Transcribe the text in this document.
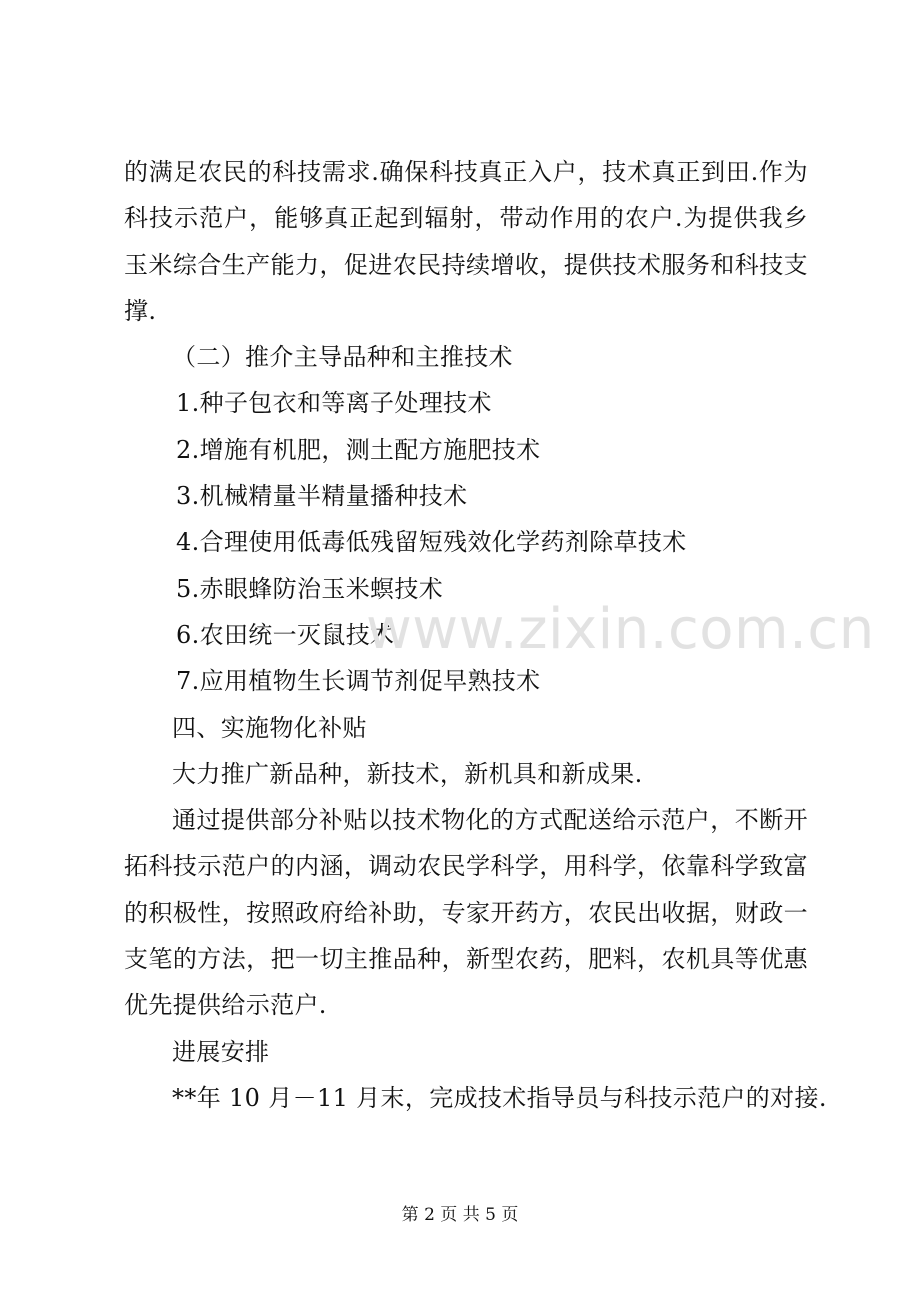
的满足农民的科技需求.确保科技真正入户，技术真正到田.作为
科技示范户，能够真正起到辐射，带动作用的农户.为提供我乡
玉米综合生产能力，促进农民持续增收，提供技术服务和科技支
撑.
（二）推介主导品种和主推技术
1.种子包衣和等离子处理技术
2.增施有机肥，测土配方施肥技术
3.机械精量半精量播种技术
4.合理使用低毒低残留短残效化学药剂除草技术
5.赤眼蜂防治玉米螟技术
6.农田统一灭鼠技术
7.应用植物生长调节剂促早熟技术
四、实施物化补贴
大力推广新品种，新技术，新机具和新成果.
通过提供部分补贴以技术物化的方式配送给示范户，不断开
拓科技示范户的内涵，调动农民学科学，用科学，依靠科学致富
的积极性，按照政府给补助，专家开药方，农民出收据，财政一
支笔的方法，把一切主推品种，新型农药，肥料，农机具等优惠
优先提供给示范户.
进展安排
**年 10 月－11 月末，完成技术指导员与科技示范户的对接.
www.zixin.com.cn
第 2 页 共 5 页
